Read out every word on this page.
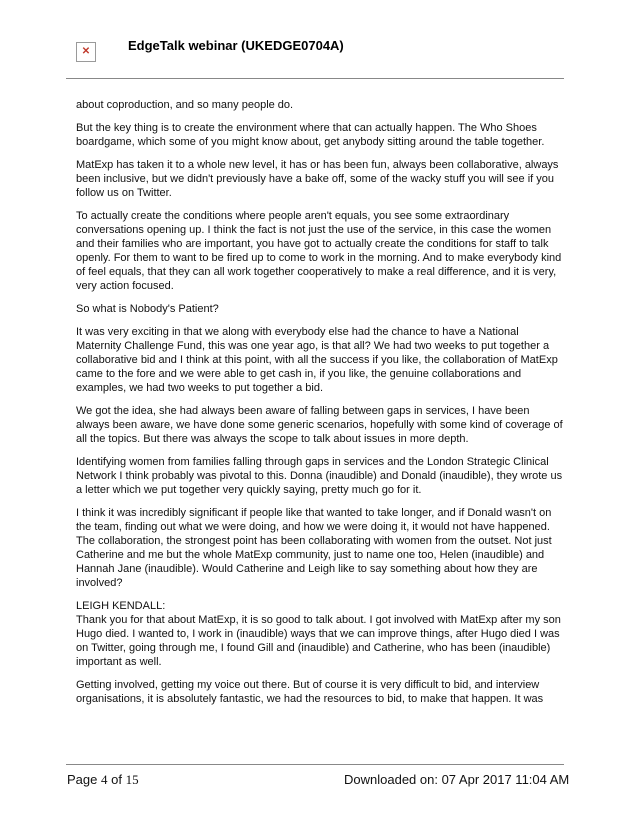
✕	EdgeTalk webinar (UKEDGE0704A)

about coproduction, and so many people do.

But the key thing is to create the environment where that can actually happen. The Who Shoes boardgame, which some of you might know about, get anybody sitting around the table together.

MatExp has taken it to a whole new level, it has or has been fun, always been collaborative, always been inclusive, but we didn't previously have a bake off, some of the wacky stuff you will see if you follow us on Twitter.

To actually create the conditions where people aren't equals, you see some extraordinary conversations opening up. I think the fact is not just the use of the service, in this case the women and their families who are important, you have got to actually create the conditions for staff to talk openly. For them to want to be fired up to come to work in the morning. And to make everybody kind of feel equals, that they can all work together cooperatively to make a real difference, and it is very, very action focused.

So what is Nobody's Patient?

It was very exciting in that we along with everybody else had the chance to have a National Maternity Challenge Fund, this was one year ago, is that all? We had two weeks to put together a collaborative bid and I think at this point, with all the success if you like, the collaboration of MatExp came to the fore and we were able to get cash in, if you like, the genuine collaborations and examples, we had two weeks to put together a bid.

We got the idea, she had always been aware of falling between gaps in services, I have been always been aware, we have done some generic scenarios, hopefully with some kind of coverage of all the topics. But there was always the scope to talk about issues in more depth.

Identifying women from families falling through gaps in services and the London Strategic Clinical Network I think probably was pivotal to this. Donna (inaudible) and Donald (inaudible), they wrote us a letter which we put together very quickly saying, pretty much go for it.

I think it was incredibly significant if people like that wanted to take longer, and if Donald wasn't on the team, finding out what we were doing, and how we were doing it, it would not have happened. The collaboration, the strongest point has been collaborating with women from the outset. Not just Catherine and me but the whole MatExp community, just to name one too, Helen (inaudible) and Hannah Jane (inaudible). Would Catherine and Leigh like to say something about how they are involved?

LEIGH KENDALL:

Thank you for that about MatExp, it is so good to talk about. I got involved with MatExp after my son Hugo died. I wanted to, I work in (inaudible) ways that we can improve things, after Hugo died I was on Twitter, going through me, I found Gill and (inaudible) and Catherine, who has been (inaudible) important as well.

Getting involved, getting my voice out there. But of course it is very difficult to bid, and interview organisations, it is absolutely fantastic, we had the resources to bid, to make that happen. It was

Page 4 of 15	Downloaded on: 07 Apr 2017 11:04 AM
